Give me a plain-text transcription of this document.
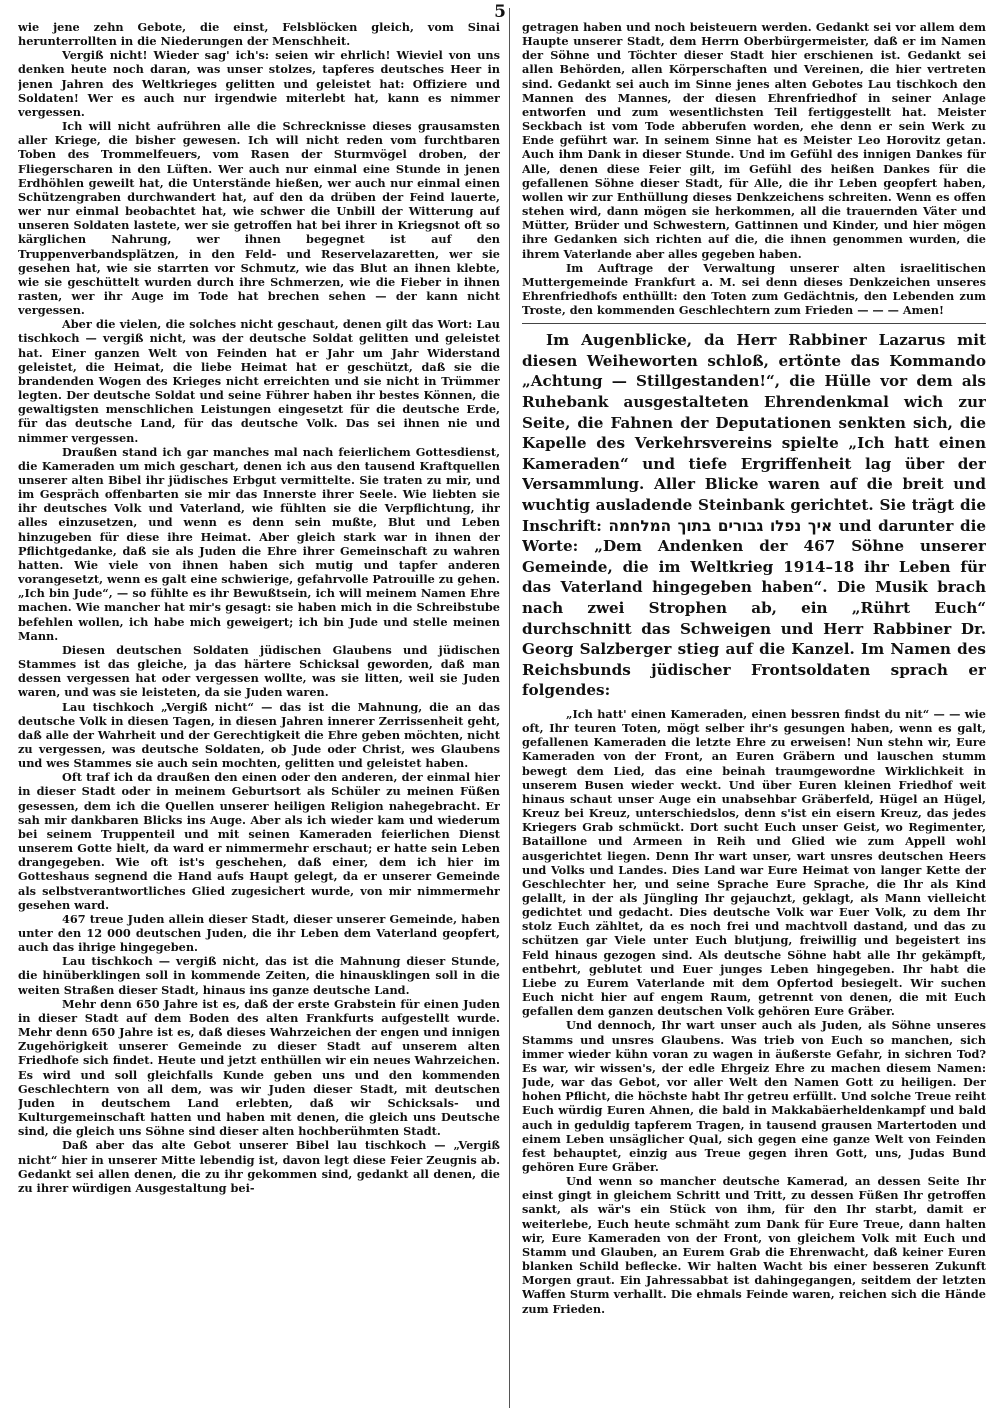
5

wie jene zehn Gebote, die einst, Felsblöcken gleich, vom Sinai herunterrollten in die Niederungen der Menschheit.

Vergiß nicht! Wieder sag' ich's: seien wir ehrlich! Wieviel von uns denken heute noch daran, was unser stolzes, tapferes deutsches Heer in jenen Jahren des Weltkrieges gelitten und geleistet hat: Offiziere und Soldaten! Wer es auch nur irgendwie miterlebt hat, kann es nimmer vergessen.

Ich will nicht aufrühren alle die Schrecknisse dieses grausamsten aller Kriege, die bisher gewesen. Ich will nicht reden vom furchtbaren Toben des Trommelfeuers, vom Rasen der Sturmvögel droben, der Fliegerscharen in den Lüften. Wer auch nur einmal eine Stunde in jenen Erdhöhlen geweilt hat, die Unterstände hießen, wer auch nur einmal einen Schützengraben durchwandert hat, auf den da drüben der Feind lauerte, wer nur einmal beobachtet hat, wie schwer die Unbill der Witterung auf unseren Soldaten lastete, wer sie getroffen hat bei ihrer in Kriegsnot oft so kärglichen Nahrung, wer ihnen begegnet ist auf den Truppenverbandsplätzen, in den Feld- und Reservelazaretten, wer sie gesehen hat, wie sie starrten vor Schmutz, wie das Blut an ihnen klebte, wie sie geschüttelt wurden durch ihre Schmerzen, wie die Fieber in ihnen rasten, wer ihr Auge im Tode hat brechen sehen — der kann nicht vergessen.

Aber die vielen, die solches nicht geschaut, denen gilt das Wort: Lau tischkoch — vergiß nicht, was der deutsche Soldat gelitten und geleistet hat. Einer ganzen Welt von Feinden hat er Jahr um Jahr Widerstand geleistet, die Heimat, die liebe Heimat hat er geschützt, daß sie die brandenden Wogen des Krieges nicht erreichten und sie nicht in Trümmer legten. Der deutsche Soldat und seine Führer haben ihr bestes Können, die gewaltigsten menschlichen Leistungen eingesetzt für die deutsche Erde, für das deutsche Land, für das deutsche Volk. Das sei ihnen nie und nimmer vergessen.

Draußen stand ich gar manches mal nach feierlichem Gottesdienst, die Kameraden um mich geschart, denen ich aus den tausend Kraftquellen unserer alten Bibel ihr jüdisches Erbgut vermittelte. Sie traten zu mir, und im Gespräch offenbarten sie mir das Innerste ihrer Seele. Wie liebten sie ihr deutsches Volk und Vaterland, wie fühlten sie die Verpflichtung, ihr alles einzusetzen, und wenn es denn sein mußte, Blut und Leben hinzugeben für diese ihre Heimat. Aber gleich stark war in ihnen der Pflichtgedanke, daß sie als Juden die Ehre ihrer Gemeinschaft zu wahren hatten. Wie viele von ihnen haben sich mutig und tapfer anderen vorangesetzt, wenn es galt eine schwierige, gefahrvolle Patrouille zu gehen. „Ich bin Jude“, — so fühlte es ihr Bewußtsein, ich will meinem Namen Ehre machen. Wie mancher hat mir's gesagt: sie haben mich in die Schreibstube befehlen wollen, ich habe mich geweigert; ich bin Jude und stelle meinen Mann.

Diesen deutschen Soldaten jüdischen Glaubens und jüdischen Stammes ist das gleiche, ja das härtere Schicksal geworden, daß man dessen vergessen hat oder vergessen wollte, was sie litten, weil sie Juden waren, und was sie leisteten, da sie Juden waren.

Lau tischkoch „Vergiß nicht“ — das ist die Mahnung, die an das deutsche Volk in diesen Tagen, in diesen Jahren innerer Zerrissenheit geht, daß alle der Wahrheit und der Gerechtigkeit die Ehre geben möchten, nicht zu vergessen, was deutsche Soldaten, ob Jude oder Christ, wes Glaubens und wes Stammes sie auch sein mochten, gelitten und geleistet haben.

Oft traf ich da draußen den einen oder den anderen, der einmal hier in dieser Stadt oder in meinem Geburtsort als Schüler zu meinen Füßen gesessen, dem ich die Quellen unserer heiligen Religion nahegebracht. Er sah mir dankbaren Blicks ins Auge. Aber als ich wieder kam und wiederum bei seinem Truppenteil und mit seinen Kameraden feierlichen Dienst unserem Gotte hielt, da ward er nimmermehr erschaut; er hatte sein Leben drangegeben. Wie oft ist's geschehen, daß einer, dem ich hier im Gotteshaus segnend die Hand aufs Haupt gelegt, da er unserer Gemeinde als selbstverantwortliches Glied zugesichert wurde, von mir nimmermehr gesehen ward.

467 treue Juden allein dieser Stadt, dieser unserer Gemeinde, haben unter den 12 000 deutschen Juden, die ihr Leben dem Vaterland geopfert, auch das ihrige hingegeben.

Lau tischkoch — vergiß nicht, das ist die Mahnung dieser Stunde, die hinüberklingen soll in kommende Zeiten, die hinausklingen soll in die weiten Straßen dieser Stadt, hinaus ins ganze deutsche Land.

Mehr denn 650 Jahre ist es, daß der erste Grabstein für einen Juden in dieser Stadt auf dem Boden des alten Frankfurts aufgestellt wurde. Mehr denn 650 Jahre ist es, daß dieses Wahrzeichen der engen und innigen Zugehörigkeit unserer Gemeinde zu dieser Stadt auf unserem alten Friedhofe sich findet. Heute und jetzt enthüllen wir ein neues Wahrzeichen. Es wird und soll gleichfalls Kunde geben uns und den kommenden Geschlechtern von all dem, was wir Juden dieser Stadt, mit deutschen Juden in deutschem Land erlebten, daß wir Schicksals- und Kulturgemeinschaft hatten und haben mit denen, die gleich uns Deutsche sind, die gleich uns Söhne sind dieser alten hochberühmten Stadt.

Daß aber das alte Gebot unserer Bibel lau tischkoch — „Vergiß nicht“ hier in unserer Mitte lebendig ist, davon legt diese Feier Zeugnis ab. Gedankt sei allen denen, die zu ihr gekommen sind, gedankt all denen, die zu ihrer würdigen Ausgestaltung bei-

getragen haben und noch beisteuern werden. Gedankt sei vor allem dem Haupte unserer Stadt, dem Herrn Oberbürgermeister, daß er im Namen der Söhne und Töchter dieser Stadt hier erschienen ist. Gedankt sei allen Behörden, allen Körperschaften und Vereinen, die hier vertreten sind. Gedankt sei auch im Sinne jenes alten Gebotes Lau tischkoch den Mannen des Mannes, der diesen Ehrenfriedhof in seiner Anlage entworfen und zum wesentlichsten Teil fertiggestellt hat. Meister Seckbach ist vom Tode abberufen worden, ehe denn er sein Werk zu Ende geführt war. In seinem Sinne hat es Meister Leo Horovitz getan. Auch ihm Dank in dieser Stunde. Und im Gefühl des innigen Dankes für Alle, denen diese Feier gilt, im Gefühl des heißen Dankes für die gefallenen Söhne dieser Stadt, für Alle, die ihr Leben geopfert haben, wollen wir zur Enthüllung dieses Denkzeichens schreiten. Wenn es offen stehen wird, dann mögen sie herkommen, all die trauernden Väter und Mütter, Brüder und Schwestern, Gattinnen und Kinder, und hier mögen ihre Gedanken sich richten auf die, die ihnen genommen wurden, die ihrem Vaterlande aber alles gegeben haben.

Im Auftrage der Verwaltung unserer alten israelitischen Muttergemeinde Frankfurt a. M. sei denn dieses Denkzeichen unseres Ehrenfriedhofs enthüllt: den Toten zum Gedächtnis, den Lebenden zum Troste, den kommenden Geschlechtern zum Frieden — — — Amen!

Im Augenblicke, da Herr Rabbiner Lazarus mit diesen Weiheworten schloß, ertönte das Kommando „Achtung — Stillgestanden!“, die Hülle vor dem als Ruhebank ausgestalteten Ehrendenkmal wich zur Seite, die Fahnen der Deputationen senkten sich, die Kapelle des Verkehrsvereins spielte „Ich hatt einen Kameraden“ und tiefe Ergriffenheit lag über der Versammlung. Aller Blicke waren auf die breit und wuchtig ausladende Steinbank gerichtet. Sie trägt die Inschrift: איך נפלו גבורים בתוך המלחמה und darunter die Worte: „Dem Andenken der 467 Söhne unserer Gemeinde, die im Weltkrieg 1914–18 ihr Leben für das Vaterland hingegeben haben“. Die Musik brach nach zwei Strophen ab, ein „Rührt Euch“ durchschnitt das Schweigen und Herr Rabbiner Dr. Georg Salzberger stieg auf die Kanzel. Im Namen des Reichsbunds jüdischer Frontsoldaten sprach er folgendes:

„Ich hatt' einen Kameraden, einen bessren findst du nit“ — — wie oft, Ihr teuren Toten, mögt selber ihr's gesungen haben, wenn es galt, gefallenen Kameraden die letzte Ehre zu erweisen! Nun stehn wir, Eure Kameraden von der Front, an Euren Gräbern und lauschen stumm bewegt dem Lied, das eine beinah traumgewordne Wirklichkeit in unserem Busen wieder weckt. Und über Euren kleinen Friedhof weit hinaus schaut unser Auge ein unabsehbar Gräberfeld, Hügel an Hügel, Kreuz bei Kreuz, unterschiedslos, denn s'ist ein eisern Kreuz, das jedes Kriegers Grab schmückt. Dort sucht Euch unser Geist, wo Regimenter, Bataillone und Armeen in Reih und Glied wie zum Appell wohl ausgerichtet liegen. Denn Ihr wart unser, wart unsres deutschen Heers und Volks und Landes. Dies Land war Eure Heimat von langer Kette der Geschlechter her, und seine Sprache Eure Sprache, die Ihr als Kind gelallt, in der als Jüngling Ihr gejauchzt, geklagt, als Mann vielleicht gedichtet und gedacht. Dies deutsche Volk war Euer Volk, zu dem Ihr stolz Euch zähltet, da es noch frei und machtvoll dastand, und das zu schützen gar Viele unter Euch blutjung, freiwillig und begeistert ins Feld hinaus gezogen sind. Als deutsche Söhne habt alle Ihr gekämpft, entbehrt, geblutet und Euer junges Leben hingegeben. Ihr habt die Liebe zu Eurem Vaterlande mit dem Opfertod besiegelt. Wir suchen Euch nicht hier auf engem Raum, getrennt von denen, die mit Euch gefallen dem ganzen deutschen Volk gehören Eure Gräber.

Und dennoch, Ihr wart unser auch als Juden, als Söhne unseres Stamms und unsres Glaubens. Was trieb von Euch so manchen, sich immer wieder kühn voran zu wagen in äußerste Gefahr, in sichren Tod? Es war, wir wissen's, der edle Ehrgeiz Ehre zu machen diesem Namen: Jude, war das Gebot, vor aller Welt den Namen Gott zu heiligen. Der hohen Pflicht, die höchste habt Ihr getreu erfüllt. Und solche Treue reiht Euch würdig Euren Ahnen, die bald in Makkabäerheldenkampf und bald auch in geduldig tapferem Tragen, in tausend grausen Martertoden und einem Leben unsäglicher Qual, sich gegen eine ganze Welt von Feinden fest behauptet, einzig aus Treue gegen ihren Gott, uns, Judas Bund gehören Eure Gräber.

Und wenn so mancher deutsche Kamerad, an dessen Seite Ihr einst gingt in gleichem Schritt und Tritt, zu dessen Füßen Ihr getroffen sankt, als wär's ein Stück von ihm, für den Ihr starbt, damit er weiterlebe, Euch heute schmäht zum Dank für Eure Treue, dann halten wir, Eure Kameraden von der Front, von gleichem Volk mit Euch und Stamm und Glauben, an Eurem Grab die Ehrenwacht, daß keiner Euren blanken Schild beflecke. Wir halten Wacht bis einer besseren Zukunft Morgen graut. Ein Jahressabbat ist dahingegangen, seitdem der letzten Waffen Sturm verhallt. Die ehmals Feinde waren, reichen sich die Hände zum Frieden.
